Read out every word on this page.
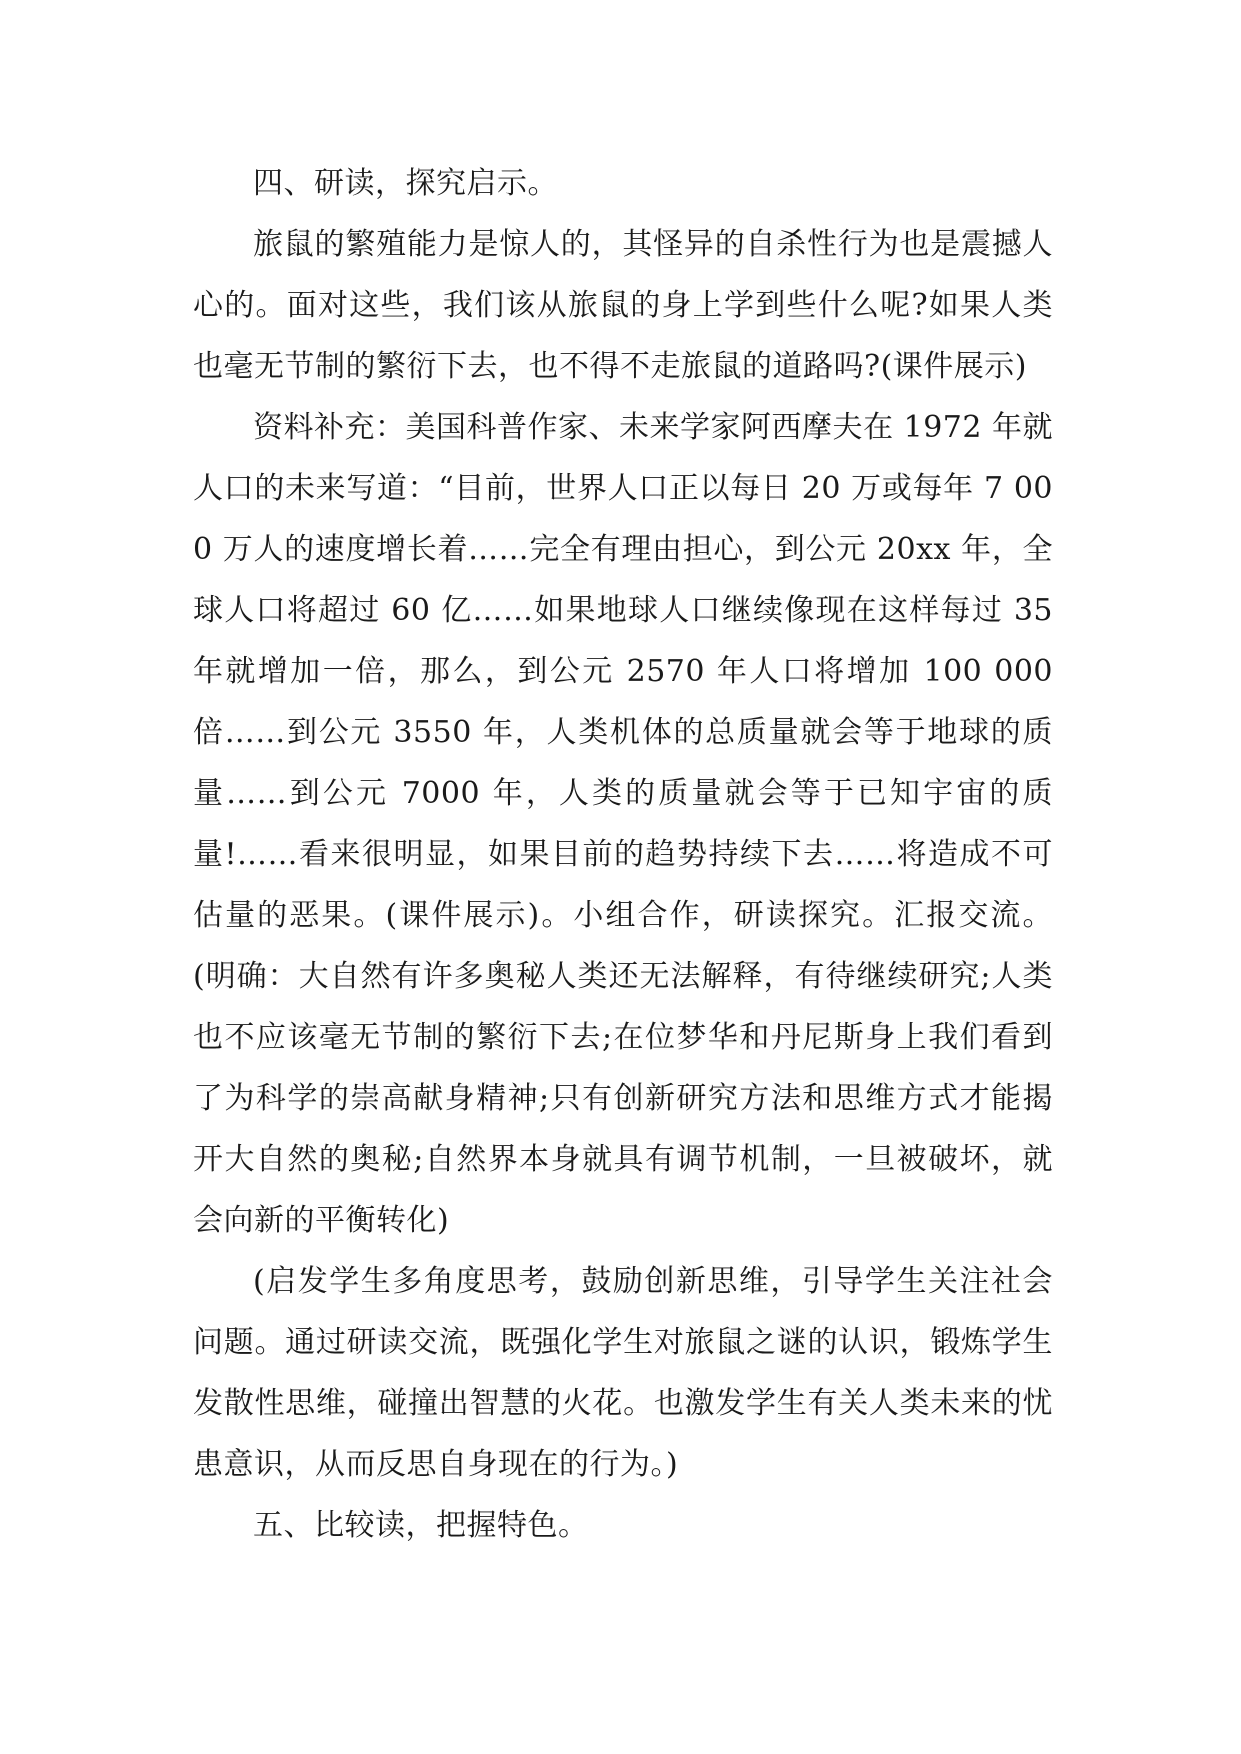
四、研读，探究启示。

旅鼠的繁殖能力是惊人的，其怪异的自杀性行为也是震撼人心的。面对这些，我们该从旅鼠的身上学到些什么呢?如果人类也毫无节制的繁衍下去，也不得不走旅鼠的道路吗?(课件展示)

资料补充：美国科普作家、未来学家阿西摩夫在 1972 年就人口的未来写道：“目前，世界人口正以每日 20 万或每年 7 000 万人的速度增长着……完全有理由担心，到公元 20xx 年，全球人口将超过 60 亿……如果地球人口继续像现在这样每过 35 年就增加一倍，那么，到公元 2570 年人口将增加 100 000 倍……到公元 3550 年，人类机体的总质量就会等于地球的质量……到公元 7000 年，人类的质量就会等于已知宇宙的质量!……看来很明显，如果目前的趋势持续下去……将造成不可估量的恶果。(课件展示)。小组合作，研读探究。汇报交流。(明确：大自然有许多奥秘人类还无法解释，有待继续研究;人类也不应该毫无节制的繁衍下去;在位梦华和丹尼斯身上我们看到了为科学的崇高献身精神;只有创新研究方法和思维方式才能揭开大自然的奥秘;自然界本身就具有调节机制，一旦被破坏，就会向新的平衡转化)

(启发学生多角度思考，鼓励创新思维，引导学生关注社会问题。通过研读交流，既强化学生对旅鼠之谜的认识，锻炼学生发散性思维，碰撞出智慧的火花。也激发学生有关人类未来的忧患意识，从而反思自身现在的行为。)

五、比较读，把握特色。
